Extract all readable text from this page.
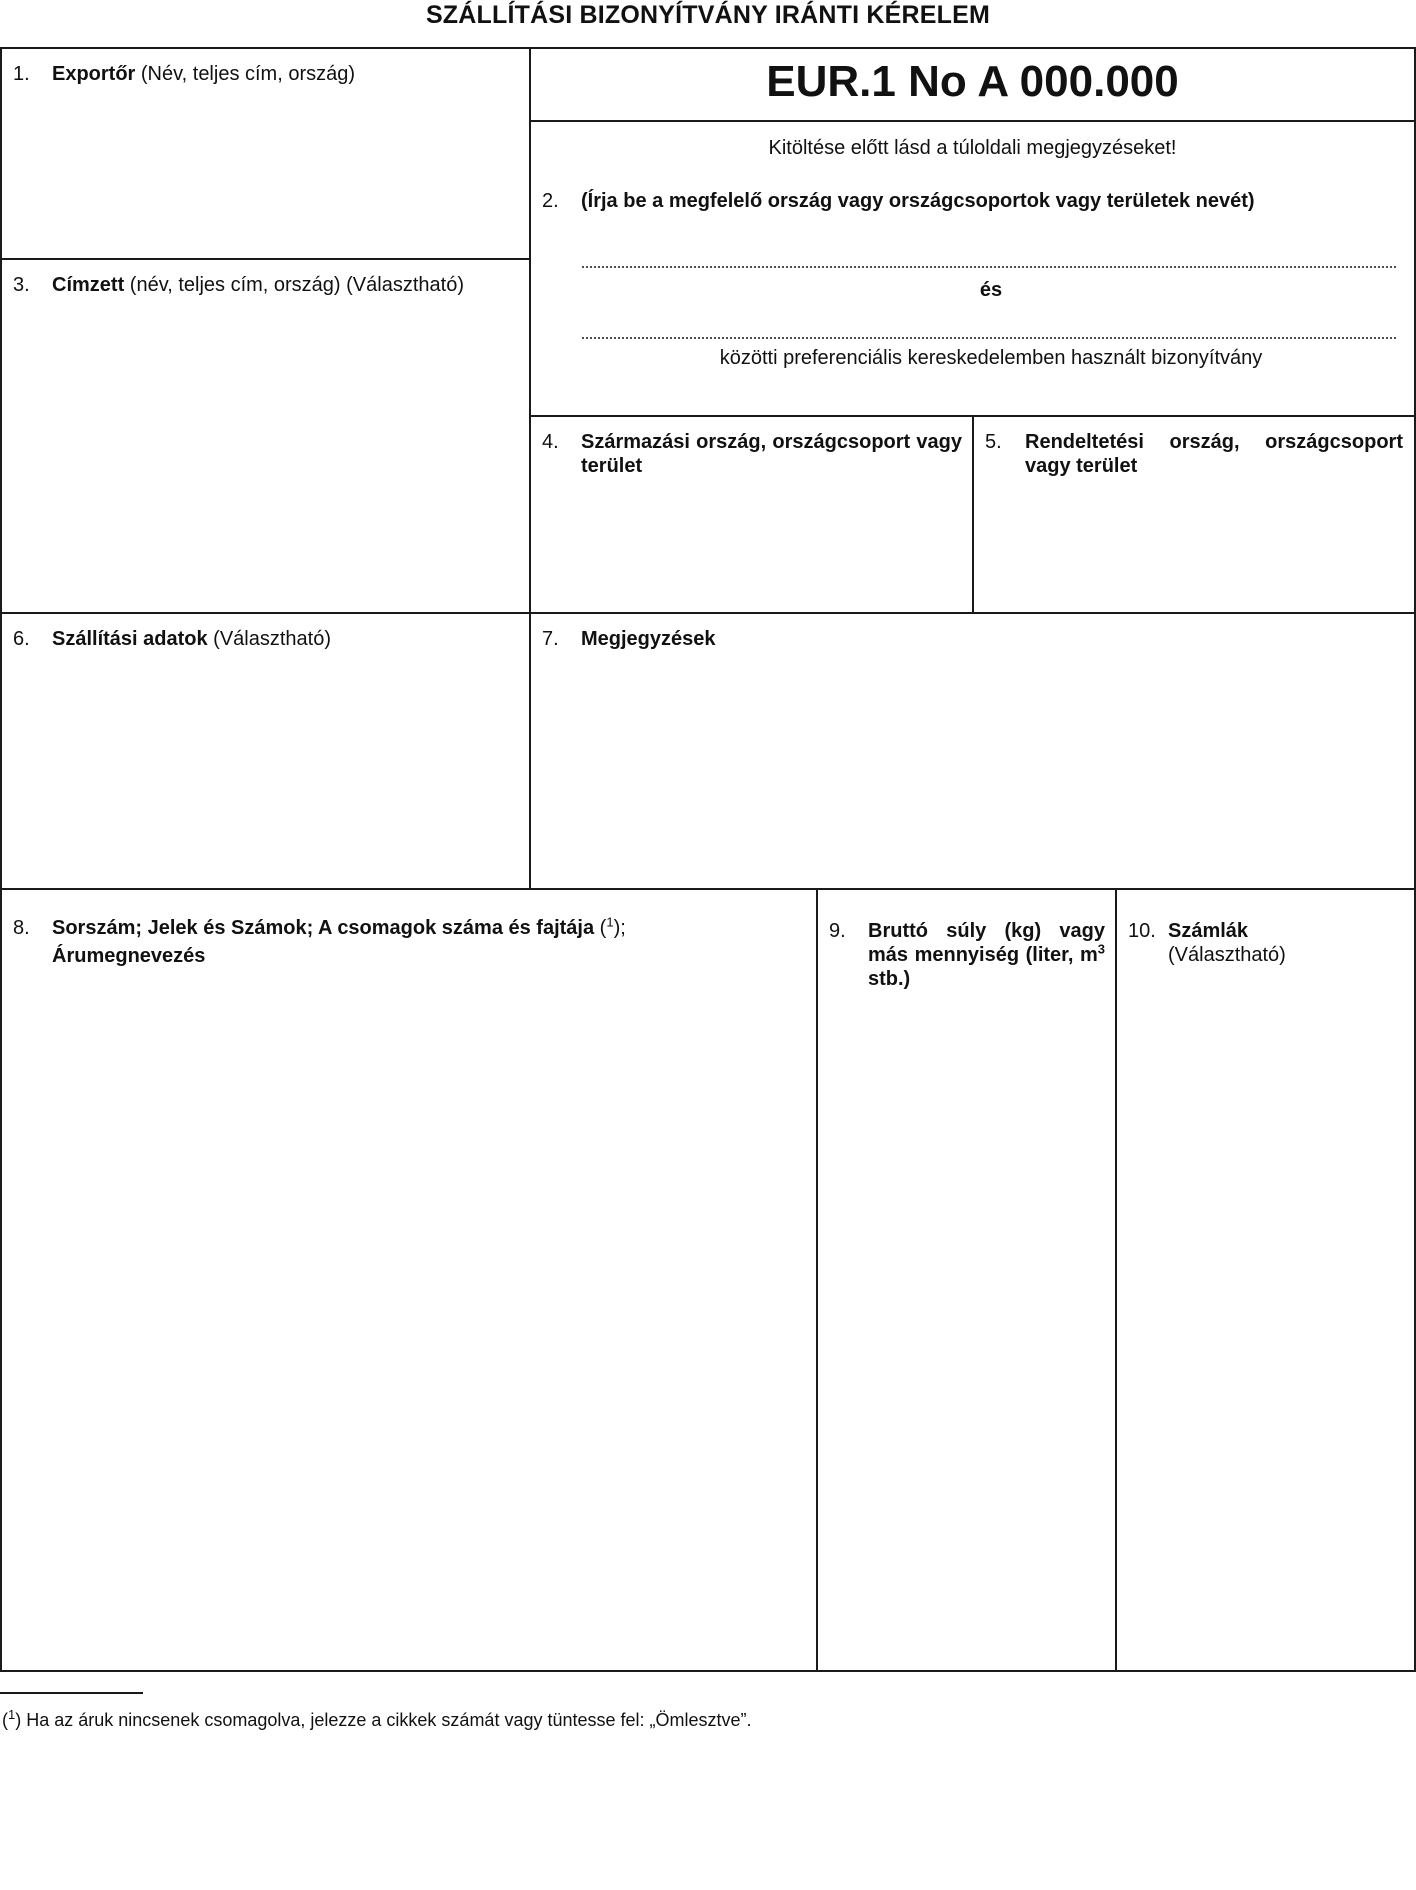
SZÁLLÍTÁSI BIZONYÍTVÁNY IRÁNTI KÉRELEM
1. Exportőr (Név, teljes cím, ország)	EUR.1 No A 000.000
Kitöltése előtt lásd a túloldali megjegyzéseket!
2. (Írja be a megfelelő ország vagy országcsoportok vagy területek nevét)
és
közötti preferenciális kereskedelemben használt bizonyítvány
3. Címzett (név, teljes cím, ország) (Választható)
4. Származási ország, országcsoport vagy terület
5. Rendeltetési ország, országcsoport vagy terület
6. Szállítási adatok (Választható)	7. Megjegyzések
8. Sorszám; Jelek és Számok; A csomagok száma és fajtája ($^1$);
Árumegnevezés
9. Bruttó súly (kg) vagy más mennyiség (liter, $m^3$ stb.)
10. Számlák
(Választható)
($^1$) Ha az áruk nincsenek csomagolva, jelezze a cikkek számát vagy tüntesse fel: „Ömlesztve”.
